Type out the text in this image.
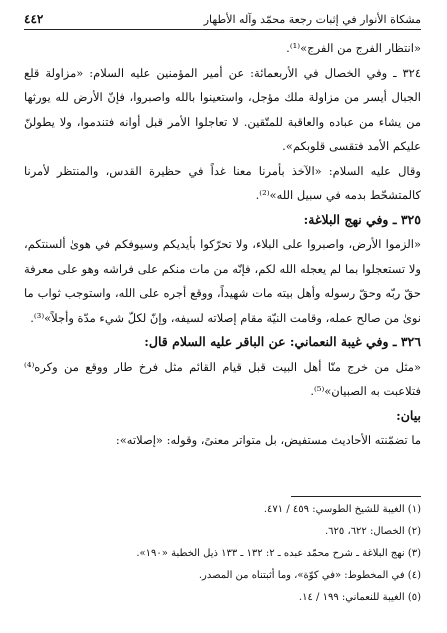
مشكاة الأنوار في إثبات رجعة محمّد وآله الأطهار
٤٤٢

«انتظار الفرج من الفرج»⁽¹⁾.

٣٢٤ ـ وفي الخصال في الأربعمائة: عن أمير المؤمنين عليه السلام: «مزاولة قلع الجبال أيسر من مزاولة ملك مؤجل، واستعينوا بالله واصبروا، فإنّ الأرض لله يورثها من يشاء من عباده والعاقبة للمتّقين. لا تعاجلوا الأمر قبل أوانه فتندموا، ولا يطولنّ عليكم الأمد فتقسى قلوبكم».

وقال عليه السلام: «الآخذ بأمرنا معنا غداً في حظيرة القدس، والمنتظر لأمرنا كالمتشحّط بدمه في سبيل الله»⁽²⁾.

٣٢٥ ـ وفي نهج البلاغة:

«الزموا الأرض، واصبروا على البلاء، ولا تحرّكوا بأيديكم وسيوفكم في هوىٰ ألسنتكم، ولا تستعجلوا بما لم يعجله الله لكم، فإنّه من مات منكم على فراشه وهو على معرفة حقّ ربّه وحقّ رسوله وأهل بيته مات شهيداً، ووقع أجره على الله، واستوجب ثواب ما نوىٰ من صالح عمله، وقامت النيّة مقام إصلاته لسيفه، وإنّ لكلّ شيء مدّة وأجلاً»⁽³⁾.

٣٢٦ ـ وفي غيبة النعماني: عن الباقر عليه السلام قال:

«مثل من خرج منّا أهل البيت قبل قيام القائم مثل فرخ طار ووقع من وكره⁽⁴⁾ فتلاعبت به الصبيان»⁽⁵⁾.

بيان:

ما تضمّنته الأحاديث مستفيض، بل متواتر معنىً، وقوله: «إصلاته»:

(١) الغيبة للشيخ الطوسي: ٤٥٩ / ٤٧١.
(٢) الخصال: ٦٢٢، ٦٢٥.
(٣) نهج البلاغة ـ شرح محمّد عبده ـ ٢: ١٣٢ ـ ١٣٣ ذيل الخطبة «١٩٠».
(٤) في المخطوط: «في كوّة»، وما أثبتناه من المصدر.
(٥) الغيبة للنعماني: ١٩٩ / ١٤.
